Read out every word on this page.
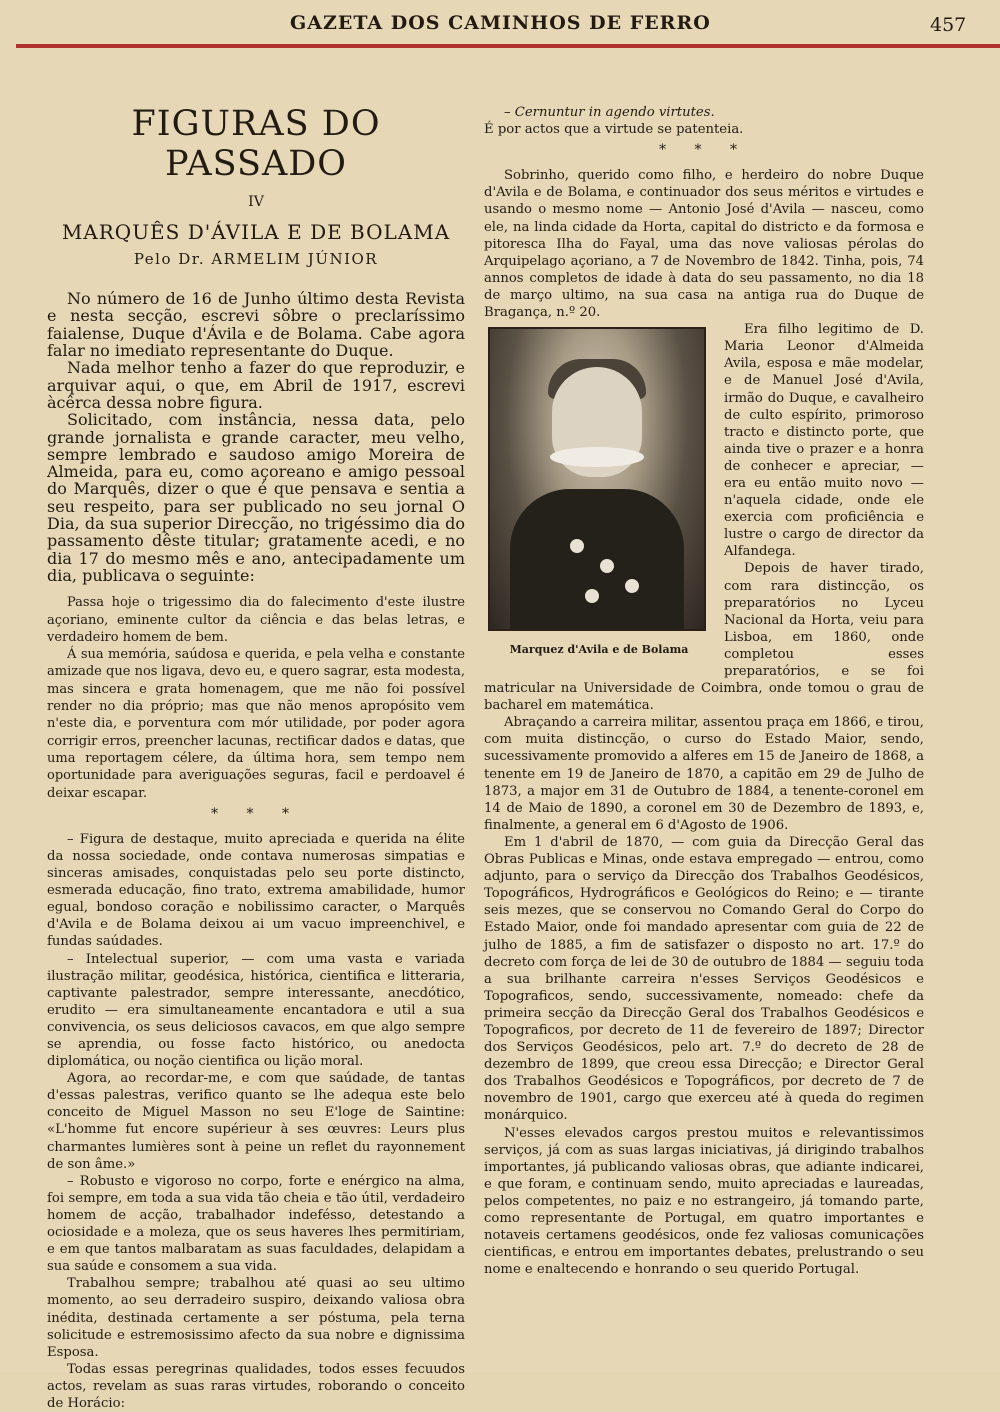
GAZETA DOS CAMINHOS DE FERRO	457
FIGURAS DO PASSADO
IV
MARQUÊS D'ÁVILA E DE BOLAMA
Pelo Dr. ARMELIM JÚNIOR

No número de 16 de Junho último desta Revista e nesta secção, escrevi sôbre o preclaríssimo faialense, Duque d'Ávila e de Bolama. Cabe agora falar no imediato representante do Duque.

Nada melhor tenho a fazer do que reproduzir, e arquivar aqui, o que, em Abril de 1917, escrevi àcêrca dessa nobre figura.

Solicitado, com instância, nessa data, pelo grande jornalista e grande caracter, meu velho, sempre lembrado e saudoso amigo Moreira de Almeida, para eu, como açoreano e amigo pessoal do Marquês, dizer o que é que pensava e sentia a seu respeito, para ser publicado no seu jornal O Dia, da sua superior Direcção, no trigéssimo dia do passamento dêste titular; gratamente acedi, e no dia 17 do mesmo mês e ano, antecipadamente um dia, publicava o seguinte:

Passa hoje o trigessimo dia do falecimento d'este ilustre açoriano, eminente cultor da ciência e das belas letras, e verdadeiro homem de bem.

Á sua memória, saúdosa e querida, e pela velha e constante amizade que nos ligava, devo eu, e quero sagrar, esta modesta, mas sincera e grata homenagem, que me não foi possível render no dia próprio; mas que não menos apropósito vem n'este dia, e porventura com mór utilidade, por poder agora corrigir erros, preencher lacunas, rectificar dados e datas, que uma reportagem célere, da última hora, sem tempo nem oportunidade para averiguações seguras, facil e perdoavel é deixar escapar.

* * *

– Figura de destaque, muito apreciada e querida na élite da nossa sociedade, onde contava numerosas simpatias e sinceras amisades, conquistadas pelo seu porte distincto, esmerada educação, fino trato, extrema amabilidade, humor egual, bondoso coração e nobilissimo caracter, o Marquês d'Avila e de Bolama deixou ai um vacuo impreenchivel, e fundas saúdades.

– Intelectual superior, — com uma vasta e variada ilustração militar, geodésica, histórica, cientifica e litteraria, captivante palestrador, sempre interessante, anecdótico, erudito — era simultaneamente encantadora e util a sua convivencia, os seus deliciosos cavacos, em que algo sempre se aprendia, ou fosse facto histórico, ou anedocta diplomática, ou noção cientifica ou lição moral.

Agora, ao recordar-me, e com que saúdade, de tantas d'essas palestras, verifico quanto se lhe adequa este belo conceito de Miguel Masson no seu E'loge de Saintine: «L'homme fut encore supérieur à ses œuvres: Leurs plus charmantes lumières sont à peine un reflet du rayonnement de son âme.»

– Robusto e vigoroso no corpo, forte e enérgico na alma, foi sempre, em toda a sua vida tão cheia e tão útil, verdadeiro homem de acção, trabalhador indefésso, detestando a ociosidade e a moleza, que os seus haveres lhes permitiriam, e em que tantos malbaratam as suas faculdades, delapidam a sua saúde e consomem a sua vida.

Trabalhou sempre; trabalhou até quasi ao seu ultimo momento, ao seu derradeiro suspiro, deixando valiosa obra inédita, destinada certamente a ser póstuma, pela terna solicitude e estremosissimo afecto da sua nobre e dignissima Esposa.

Todas essas peregrinas qualidades, todos esses fecuudos actos, revelam as suas raras virtudes, roborando o conceito de Horácio:

– Cernuntur in agendo virtutes.

É por actos que a virtude se patenteia.

* * *

Sobrinho, querido como filho, e herdeiro do nobre Duque d'Avila e de Bolama, e continuador dos seus méritos e virtudes e usando o mesmo nome — Antonio José d'Avila — nasceu, como ele, na linda cidade da Horta, capital do districto e da formosa e pitoresca Ilha do Fayal, uma das nove valiosas pérolas do Arquipelago açoriano, a 7 de Novembro de 1842. Tinha, pois, 74 annos completos de idade à data do seu passamento, no dia 18 de março ultimo, na sua casa na antiga rua do Duque de Bragança, n.º 20.

Marquez d'Avila e de Bolama

Era filho legitimo de D. Maria Leonor d'Almeida Avila, esposa e mãe modelar, e de Manuel José d'Avila, irmão do Duque, e cavalheiro de culto espírito, primoroso tracto e distincto porte, que ainda tive o prazer e a honra de conhecer e apreciar, — era eu então muito novo — n'aquela cidade, onde ele exercia com proficiência e lustre o cargo de director da Alfandega.

Depois de haver tirado, com rara distincção, os preparatórios no Lyceu Nacional da Horta, veiu para Lisboa, em 1860, onde completou esses preparatórios, e se foi matricular na Universidade de Coimbra, onde tomou o grau de bacharel em matemática.

Abraçando a carreira militar, assentou praça em 1866, e tirou, com muita distincção, o curso do Estado Maior, sendo, sucessivamente promovido a alferes em 15 de Janeiro de 1868, a tenente em 19 de Janeiro de 1870, a capitão em 29 de Julho de 1873, a major em 31 de Outubro de 1884, a tenente-coronel em 14 de Maio de 1890, a coronel em 30 de Dezembro de 1893, e, finalmente, a general em 6 d'Agosto de 1906.

Em 1 d'abril de 1870, — com guia da Direcção Geral das Obras Publicas e Minas, onde estava empregado — entrou, como adjunto, para o serviço da Direcção dos Trabalhos Geodésicos, Topográficos, Hydrográficos e Geológicos do Reino; e — tirante seis mezes, que se conservou no Comando Geral do Corpo do Estado Maior, onde foi mandado apresentar com guia de 22 de julho de 1885, a fim de satisfazer o disposto no art. 17.º do decreto com força de lei de 30 de outubro de 1884 — seguiu toda a sua brilhante carreira n'esses Serviços Geodésicos e Topograficos, sendo, successivamente, nomeado: chefe da primeira secção da Direcção Geral dos Trabalhos Geodésicos e Topograficos, por decreto de 11 de fevereiro de 1897; Director dos Serviços Geodésicos, pelo art. 7.º do decreto de 28 de dezembro de 1899, que creou essa Direcção; e Director Geral dos Trabalhos Geodésicos e Topográficos, por decreto de 7 de novembro de 1901, cargo que exerceu até à queda do regimen monárquico.

N'esses elevados cargos prestou muitos e relevantissimos serviços, já com as suas largas iniciativas, já dirigindo trabalhos importantes, já publicando valiosas obras, que adiante indicarei, e que foram, e continuam sendo, muito apreciadas e laureadas, pelos competentes, no paiz e no estrangeiro, já tomando parte, como representante de Portugal, em quatro importantes e notaveis certamens geodésicos, onde fez valiosas comunicações cientificas, e entrou em importantes debates, prelustrando o seu nome e enaltecendo e honrando o seu querido Portugal.
